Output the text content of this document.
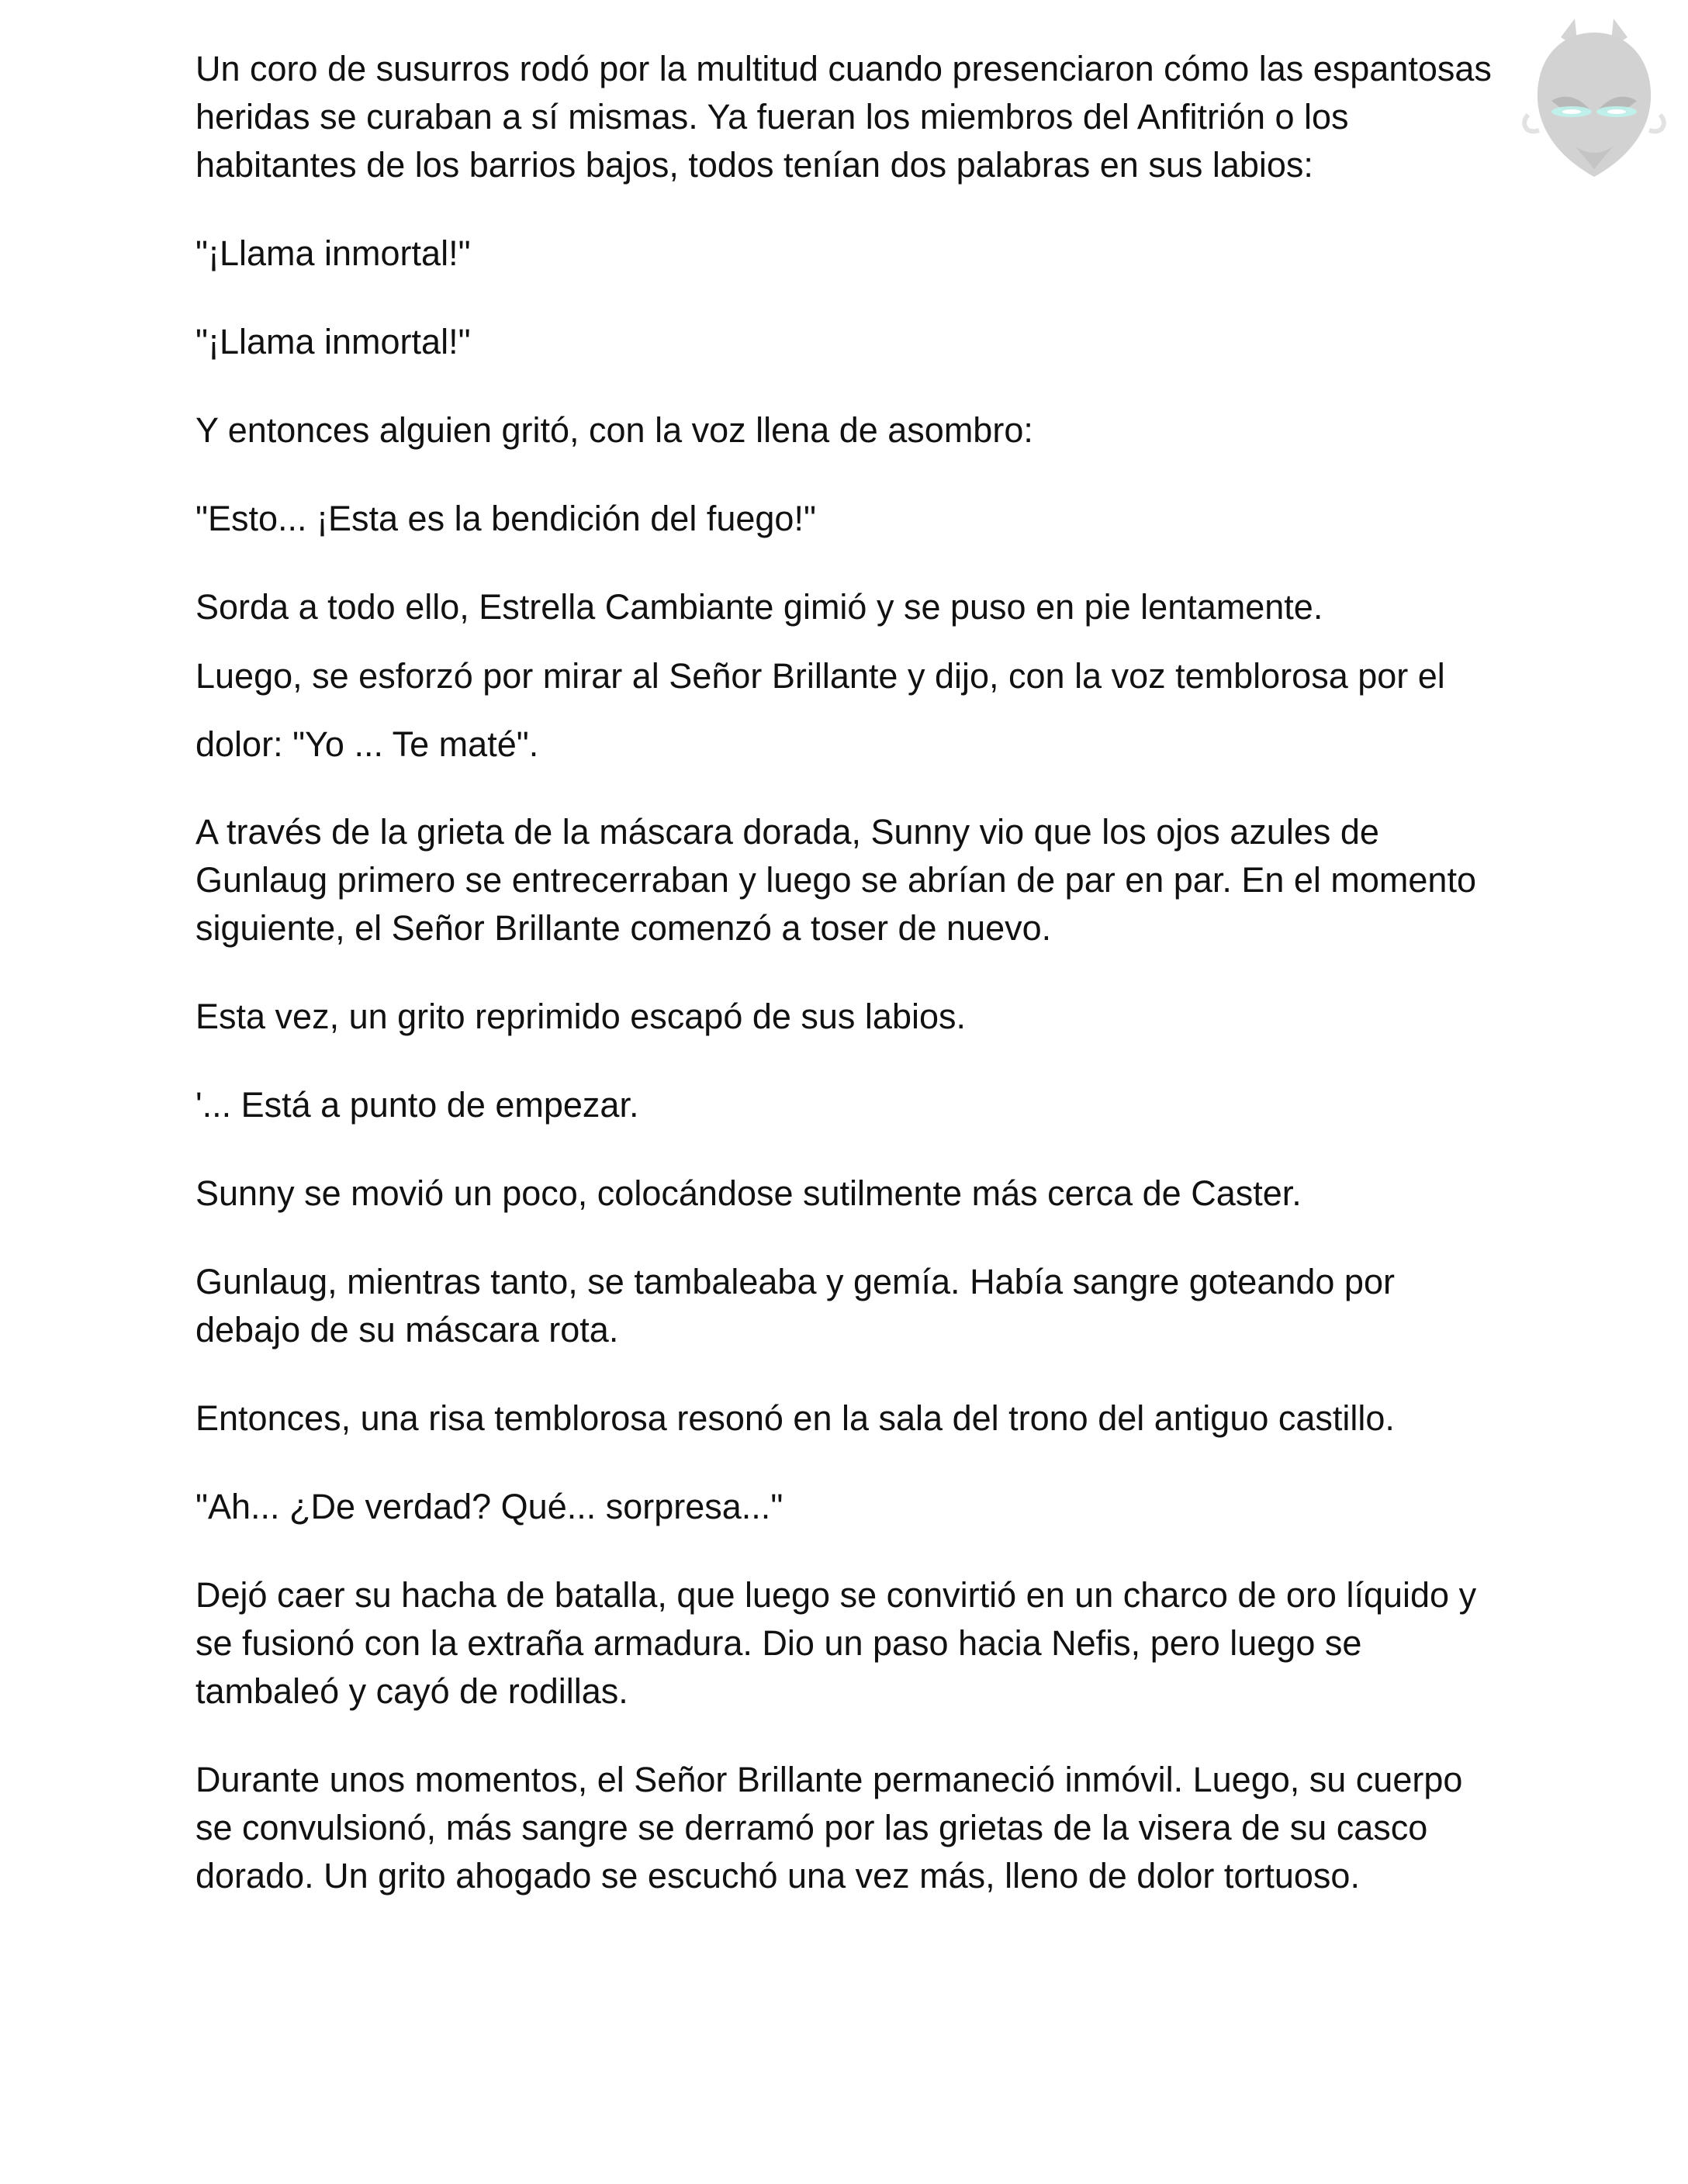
Un coro de susurros rodó por la multitud cuando presenciaron cómo las espantosas heridas se curaban a sí mismas. Ya fueran los miembros del Anfitrión o los habitantes de los barrios bajos, todos tenían dos palabras en sus labios:

"¡Llama inmortal!"

"¡Llama inmortal!"

Y entonces alguien gritó, con la voz llena de asombro:

"Esto... ¡Esta es la bendición del fuego!"

Sorda a todo ello, Estrella Cambiante gimió y se puso en pie lentamente.

Luego, se esforzó por mirar al Señor Brillante y dijo, con la voz temblorosa por el dolor: "Yo ... Te maté".

A través de la grieta de la máscara dorada, Sunny vio que los ojos azules de Gunlaug primero se entrecerraban y luego se abrían de par en par. En el momento siguiente, el Señor Brillante comenzó a toser de nuevo.

Esta vez, un grito reprimido escapó de sus labios.

'... Está a punto de empezar.

Sunny se movió un poco, colocándose sutilmente más cerca de Caster.

Gunlaug, mientras tanto, se tambaleaba y gemía. Había sangre goteando por debajo de su máscara rota.

Entonces, una risa temblorosa resonó en la sala del trono del antiguo castillo.

"Ah... ¿De verdad? Qué... sorpresa..."

Dejó caer su hacha de batalla, que luego se convirtió en un charco de oro líquido y se fusionó con la extraña armadura. Dio un paso hacia Nefis, pero luego se tambaleó y cayó de rodillas.

Durante unos momentos, el Señor Brillante permaneció inmóvil. Luego, su cuerpo se convulsionó, más sangre se derramó por las grietas de la visera de su casco dorado. Un grito ahogado se escuchó una vez más, lleno de dolor tortuoso.
